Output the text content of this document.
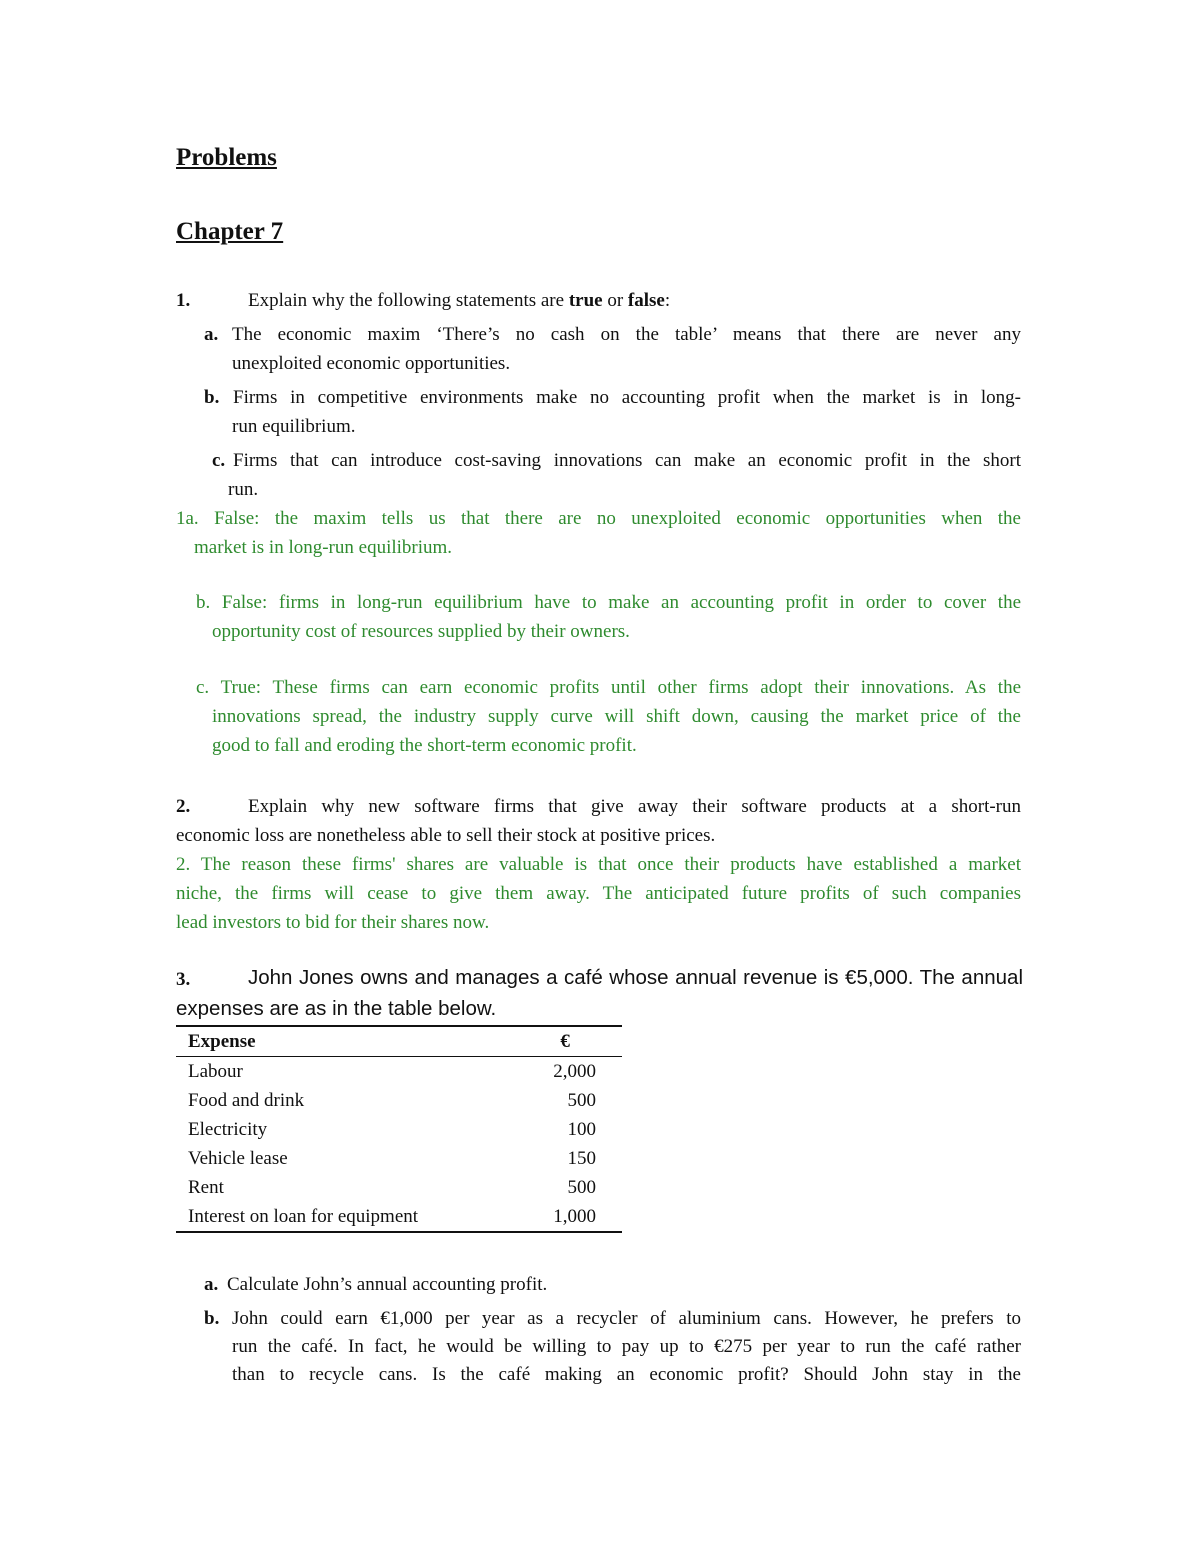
Problems
Chapter 7
1.	Explain why the following statements are true or false:
a. The economic maxim ‘There’s no cash on the table’ means that there are never any
unexploited economic opportunities.
b. Firms in competitive environments make no accounting profit when the market is in long-
run equilibrium.
c. Firms that can introduce cost-saving innovations can make an economic profit in the short
run.
1a. False: the maxim tells us that there are no unexploited economic opportunities when the
market is in long-run equilibrium.
b. False: firms in long-run equilibrium have to make an accounting profit in order to cover the
opportunity cost of resources supplied by their owners.
c. True: These firms can earn economic profits until other firms adopt their innovations. As the
innovations spread, the industry supply curve will shift down, causing the market price of the
good to fall and eroding the short-term economic profit.
2.	Explain why new software firms that give away their software products at a short-run
economic loss are nonetheless able to sell their stock at positive prices.
2. The reason these firms' shares are valuable is that once their products have established a market
niche, the firms will cease to give them away. The anticipated future profits of such companies
lead investors to bid for their shares now.
3.	John Jones owns and manages a café whose annual revenue is €5,000. The annual
expenses are as in the table below.
Expense	€
Labour	2,000
Food and drink	500
Electricity	100
Vehicle lease	150
Rent	500
Interest on loan for equipment	1,000
a. Calculate John’s annual accounting profit.
b. John could earn €1,000 per year as a recycler of aluminium cans. However, he prefers to
run the café. In fact, he would be willing to pay up to €275 per year to run the café rather
than to recycle cans. Is the café making an economic profit? Should John stay in the
